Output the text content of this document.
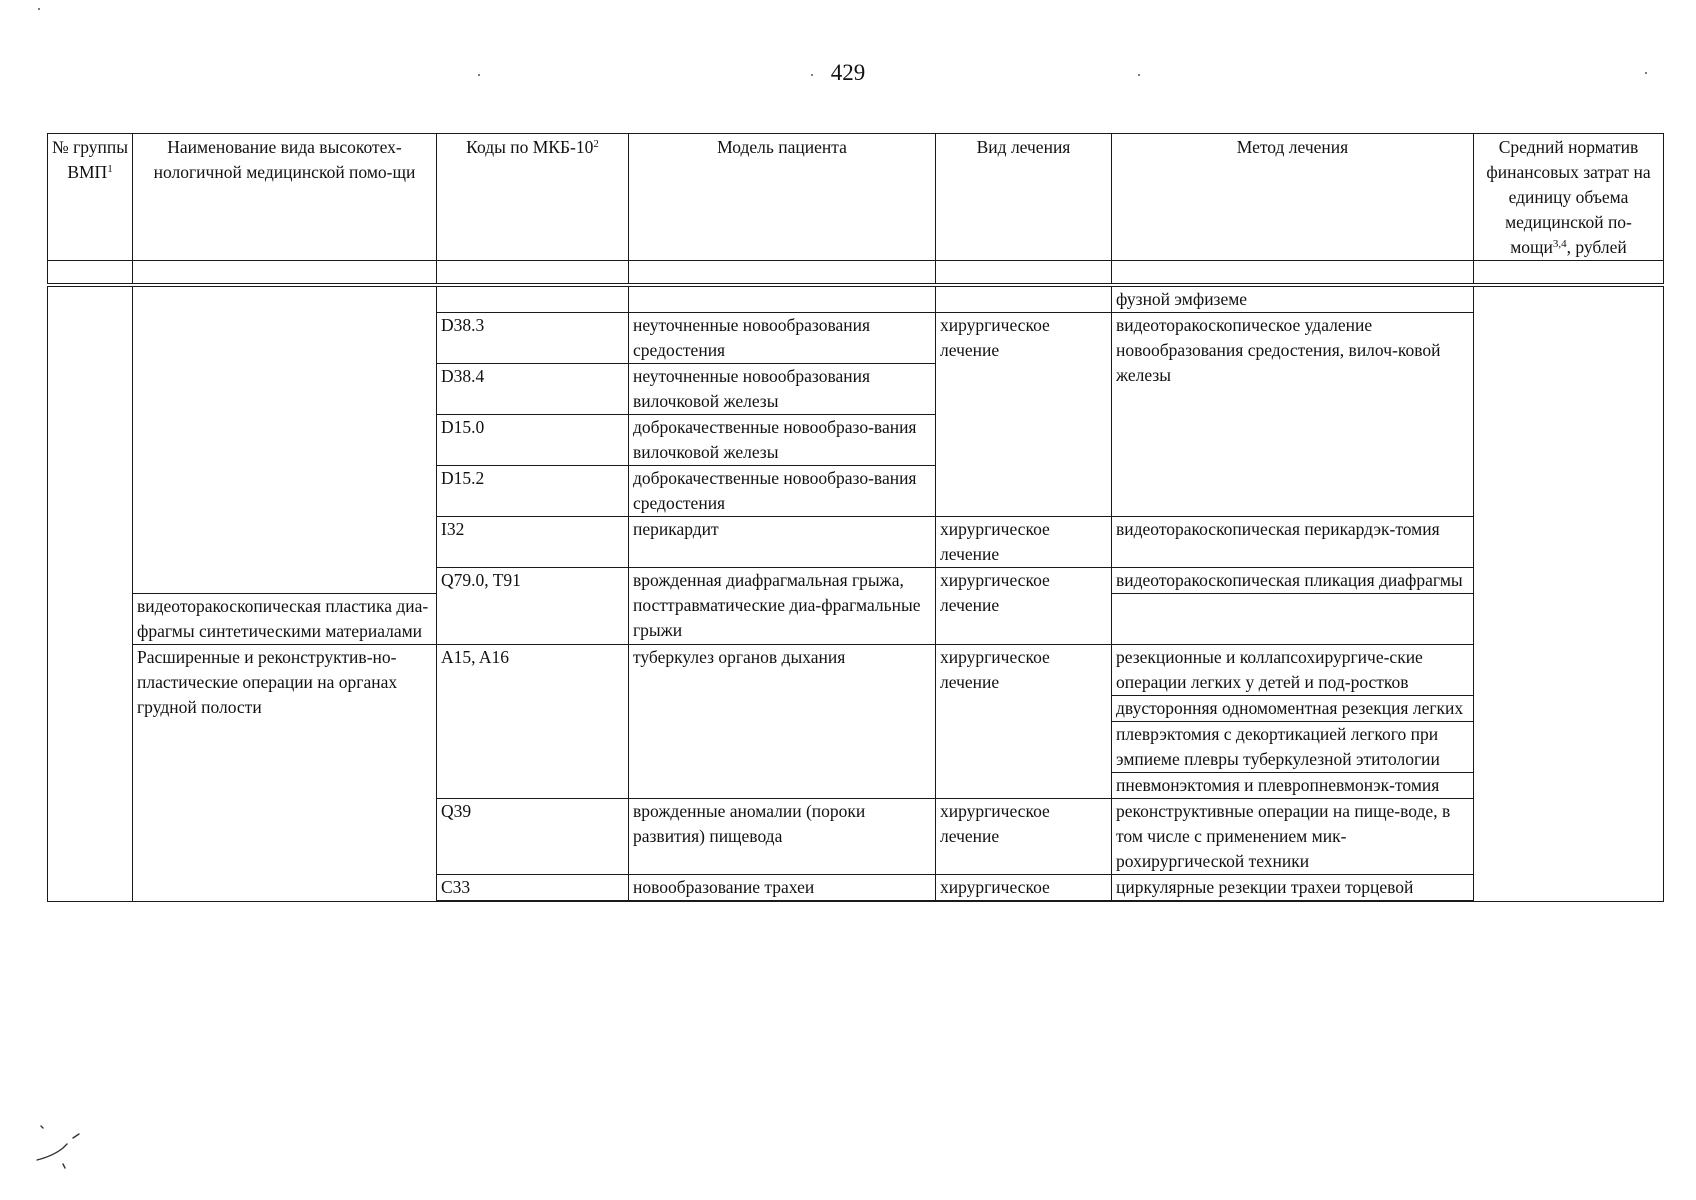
429
№ группы ВМП$^1$	Наименование вида высокотех-нологичной медицинской помо-щи	Коды по МКБ-$10^2$	Модель пациента	Вид лечения	Метод лечения	Средний норматив финансовых затрат на единицу объема медицинской по-мощи$^{3,4}$, рублей

					фузной эмфиземе	
		D38.3	неуточненные новообразования средостения	хирургическое лечение	видеоторакоскопическое удаление новообразования средостения, вилоч-ковой железы	
		D38.4	неуточненные новообразования вилочковой железы			
		D15.0	доброкачественные новообразо-вания вилочковой железы			
		D15.2	доброкачественные новообразо-вания средостения			
		I32	перикардит	хирургическое лечение	видеоторакоскопическая перикардэк-томия	
		Q79.0, T91	врожденная диафрагмальная грыжа, посттравматические диа-фрагмальные грыжи	хирургическое лечение	видеоторакоскопическая пликация диафрагмы	
	видеоторакоскопическая пластика диа-фрагмы синтетическими материалами					
	Расширенные и реконструктив-но-пластические операции на органах грудной полости	A15, A16	туберкулез органов дыхания	хирургическое лечение	резекционные и коллапсохирургиче-ские операции легких у детей и под-ростков	
					двусторонняя одномоментная резекция легких	
					плеврэктомия с декортикацией легкого при эмпиеме плевры туберкулезной этитологии	
					пневмонэктомия и плевропневмонэк-томия	
		Q39	врожденные аномалии (пороки развития) пищевода	хирургическое лечение	реконструктивные операции на пище-воде, в том числе с применением мик-рохирургической техники	
		C33	новообразование трахеи	хирургическое	циркулярные резекции трахеи торцевой	
